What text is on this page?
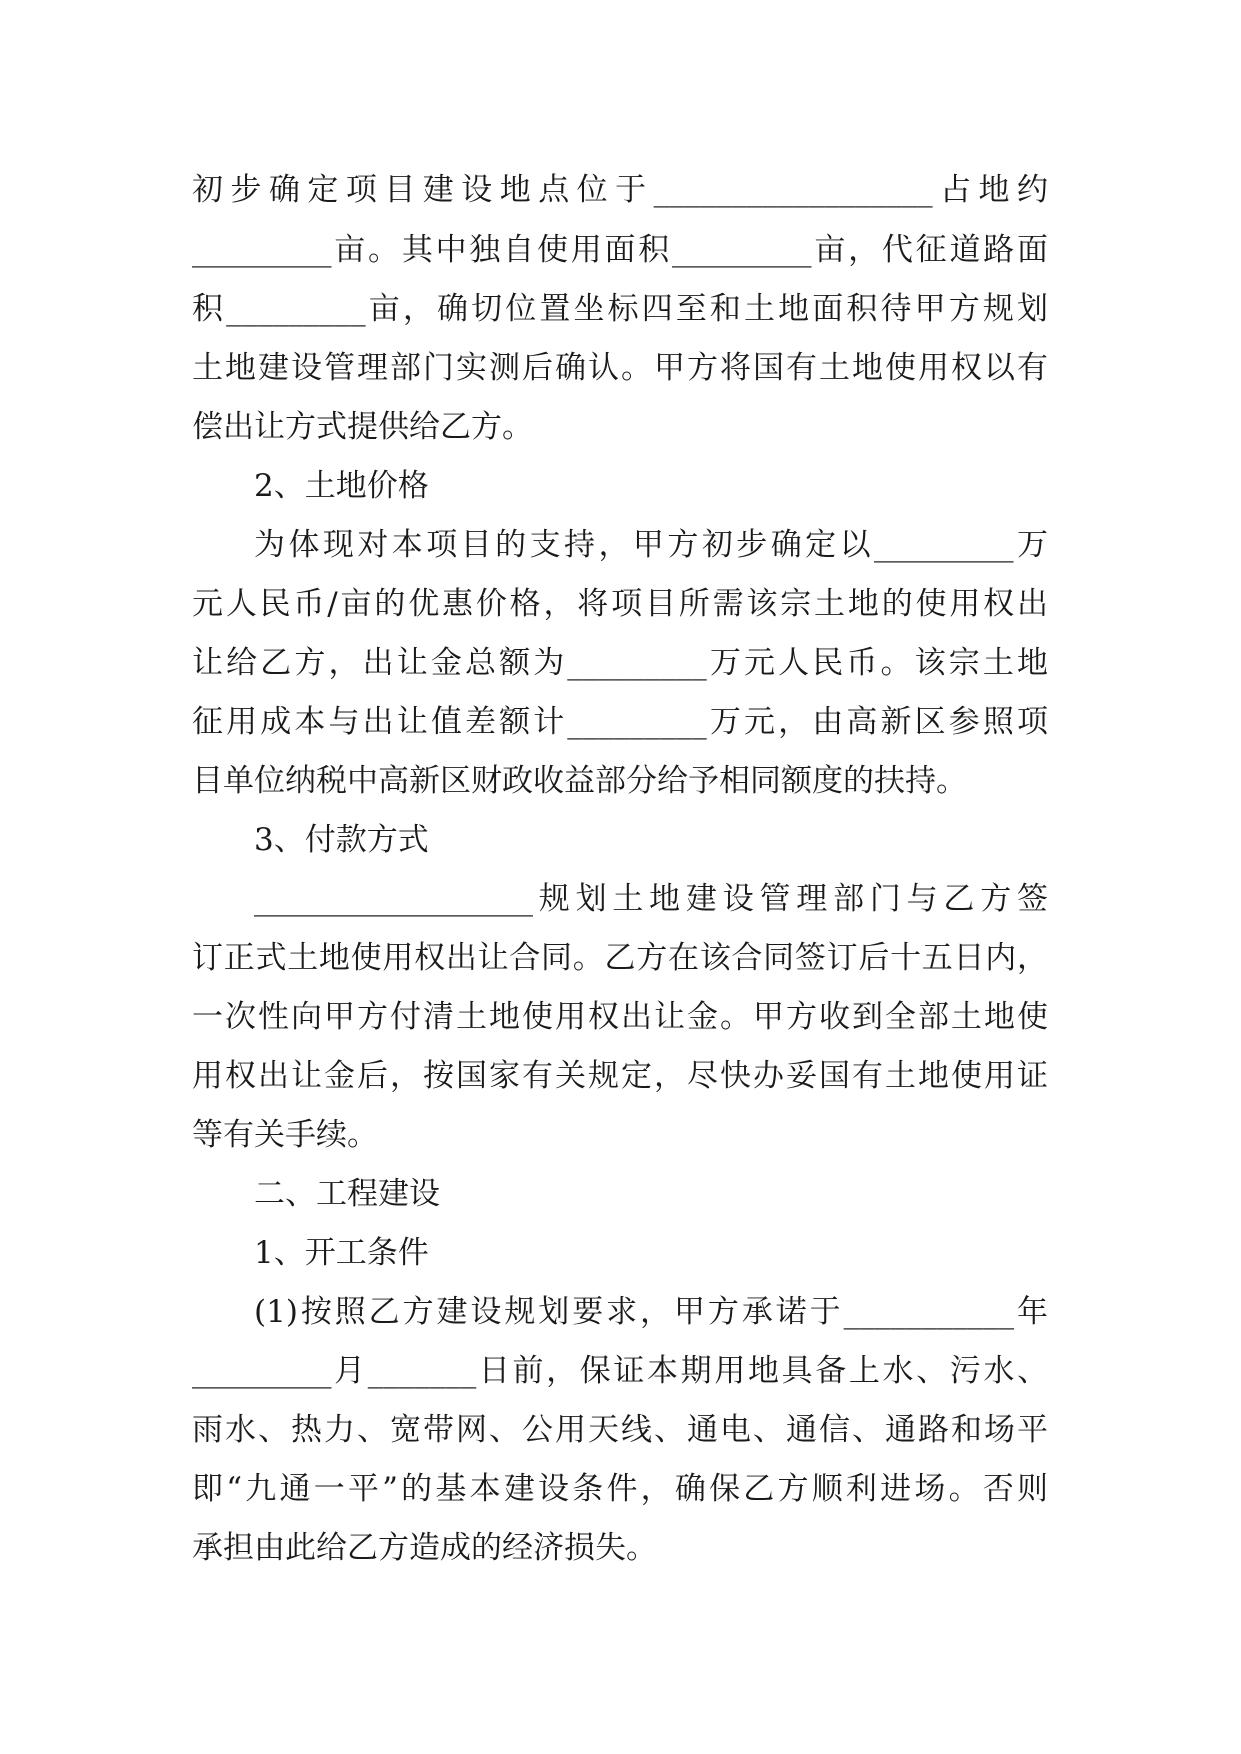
初步确定项目建设地点位于__________________占地约
_________亩。其中独自使用面积_________亩，代征道路面
积_________亩，确切位置坐标四至和土地面积待甲方规划
土地建设管理部门实测后确认。甲方将国有土地使用权以有
偿出让方式提供给乙方。
2、土地价格
为体现对本项目的支持，甲方初步确定以_________万
元人民币/亩的优惠价格，将项目所需该宗土地的使用权出
让给乙方，出让金总额为_________万元人民币。该宗土地
征用成本与出让值差额计_________万元，由高新区参照项
目单位纳税中高新区财政收益部分给予相同额度的扶持。
3、付款方式
__________________规划土地建设管理部门与乙方签
订正式土地使用权出让合同。乙方在该合同签订后十五日内，
一次性向甲方付清土地使用权出让金。甲方收到全部土地使
用权出让金后，按国家有关规定，尽快办妥国有土地使用证
等有关手续。
二、工程建设
1、开工条件
(1)按照乙方建设规划要求，甲方承诺于___________年
_________月_______日前，保证本期用地具备上水、污水、
雨水、热力、宽带网、公用天线、通电、通信、通路和场平
即“九通一平”的基本建设条件，确保乙方顺利进场。否则
承担由此给乙方造成的经济损失。
